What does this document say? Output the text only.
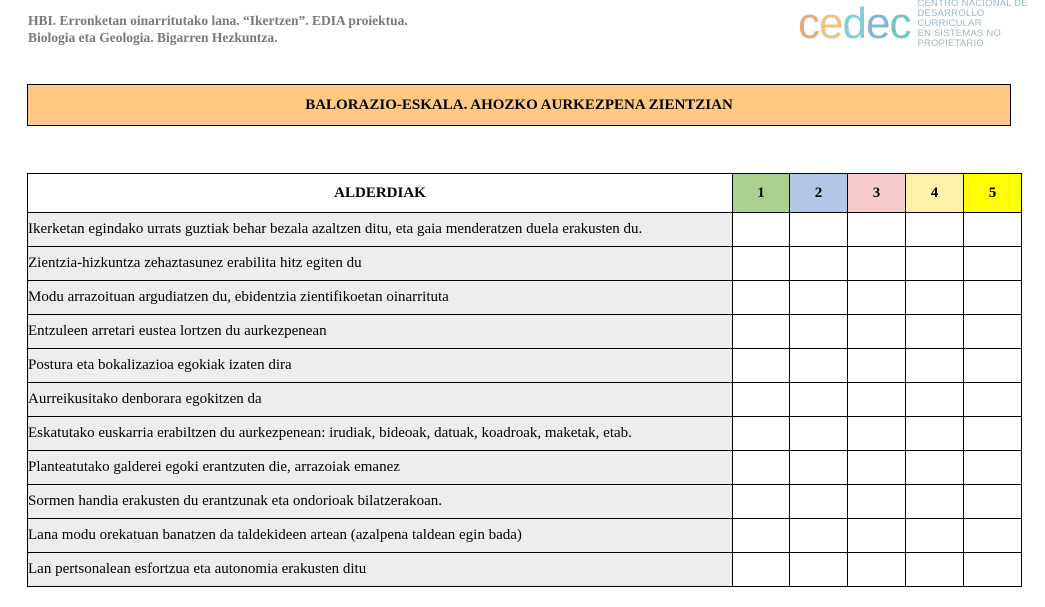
HBI. Erronketan oinarritutako lana. “Ikertzen”. EDIA proiektua.
Biologia eta Geologia. Bigarren Hezkuntza.	c e d e c CENTRO NACIONAL DE
DESARROLLO CURRICULAR
EN SISTEMAS NO PROPIETARIO
BALORAZIO-ESKALA. AHOZKO AURKEZPENA ZIENTZIAN
ALDERDIAK	1	2	3	4	5
Ikerketan egindako urrats guztiak behar bezala azaltzen ditu, eta gaia menderatzen duela erakusten du.					
Zientzia-hizkuntza zehaztasunez erabilita hitz egiten du					
Modu arrazoituan argudiatzen du, ebidentzia zientifikoetan oinarrituta					
Entzuleen arretari eustea lortzen du aurkezpenean					
Postura eta bokalizazioa egokiak izaten dira					
Aurreikusitako denborara egokitzen da					
Eskatutako euskarria erabiltzen du aurkezpenean: irudiak, bideoak, datuak, koadroak, maketak, etab.					
Planteatutako galderei egoki erantzuten die, arrazoiak emanez					
Sormen handia erakusten du erantzunak eta ondorioak bilatzerakoan.					
Lana modu orekatuan banatzen da taldekideen artean (azalpena taldean egin bada)					
Lan pertsonalean esfortzua eta autonomia erakusten ditu					
